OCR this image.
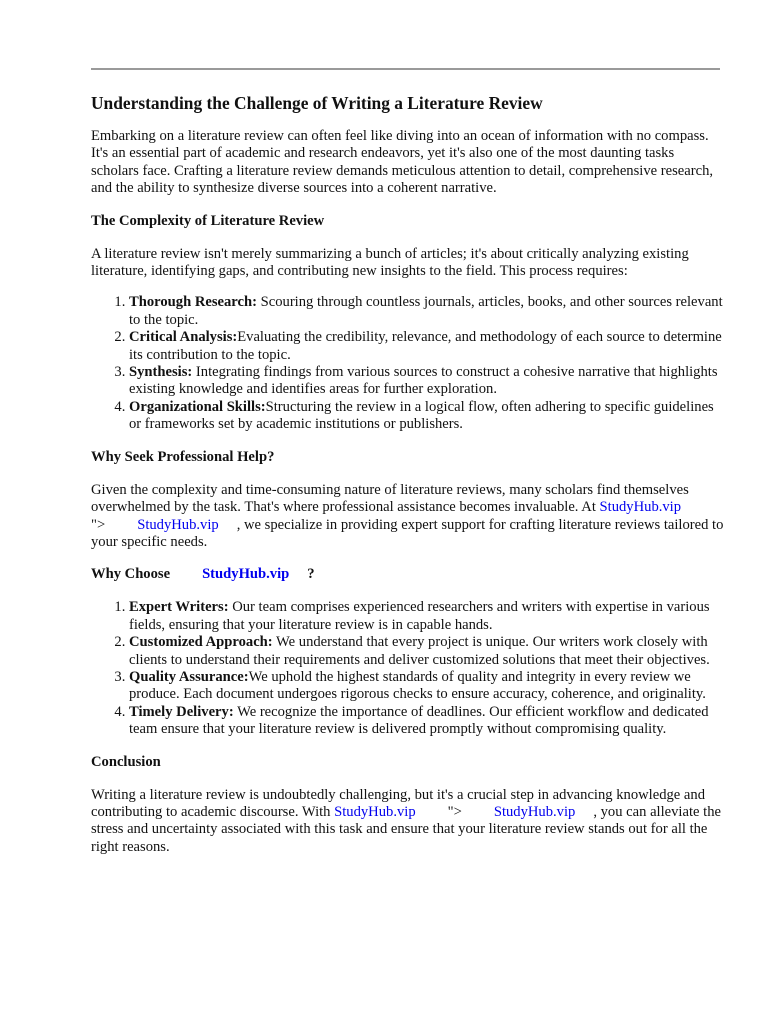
Understanding the Challenge of Writing a Literature Review

Embarking on a literature review can often feel like diving into an ocean of information with no compass. It's an essential part of academic and research endeavors, yet it's also one of the most daunting tasks scholars face. Crafting a literature review demands meticulous attention to detail, comprehensive research, and the ability to synthesize diverse sources into a coherent narrative.

The Complexity of Literature Review

A literature review isn't merely summarizing a bunch of articles; it's about critically analyzing existing literature, identifying gaps, and contributing new insights to the field. This process requires:

1. Thorough Research: Scouring through countless journals, articles, books, and other sources relevant to the topic.
2. Critical Analysis:Evaluating the credibility, relevance, and methodology of each source to determine its contribution to the topic.
3. Synthesis: Integrating findings from various sources to construct a cohesive narrative that highlights existing knowledge and identifies areas for further exploration.
4. Organizational Skills:Structuring the review in a logical flow, often adhering to specific guidelines or frameworks set by academic institutions or publishers.
Why Seek Professional Help?

Given the complexity and time-consuming nature of literature reviews, many scholars find themselves overwhelmed by the task. That's where professional assistance becomes invaluable. At StudyHub.vip"> StudyHub.vip , we specialize in providing expert support for crafting literature reviews tailored to your specific needs.

Why Choose StudyHub.vip ?
1. Expert Writers: Our team comprises experienced researchers and writers with expertise in various fields, ensuring that your literature review is in capable hands.
2. Customized Approach: We understand that every project is unique. Our writers work closely with clients to understand their requirements and deliver customized solutions that meet their objectives.
3. Quality Assurance:We uphold the highest standards of quality and integrity in every review we produce. Each document undergoes rigorous checks to ensure accuracy, coherence, and originality.
4. Timely Delivery: We recognize the importance of deadlines. Our efficient workflow and dedicated team ensure that your literature review is delivered promptly without compromising quality.
Conclusion

Writing a literature review is undoubtedly challenging, but it's a crucial step in advancing knowledge and contributing to academic discourse. With StudyHub.vip "> StudyHub.vip , you can alleviate the stress and uncertainty associated with this task and ensure that your literature review stands out for all the right reasons.
